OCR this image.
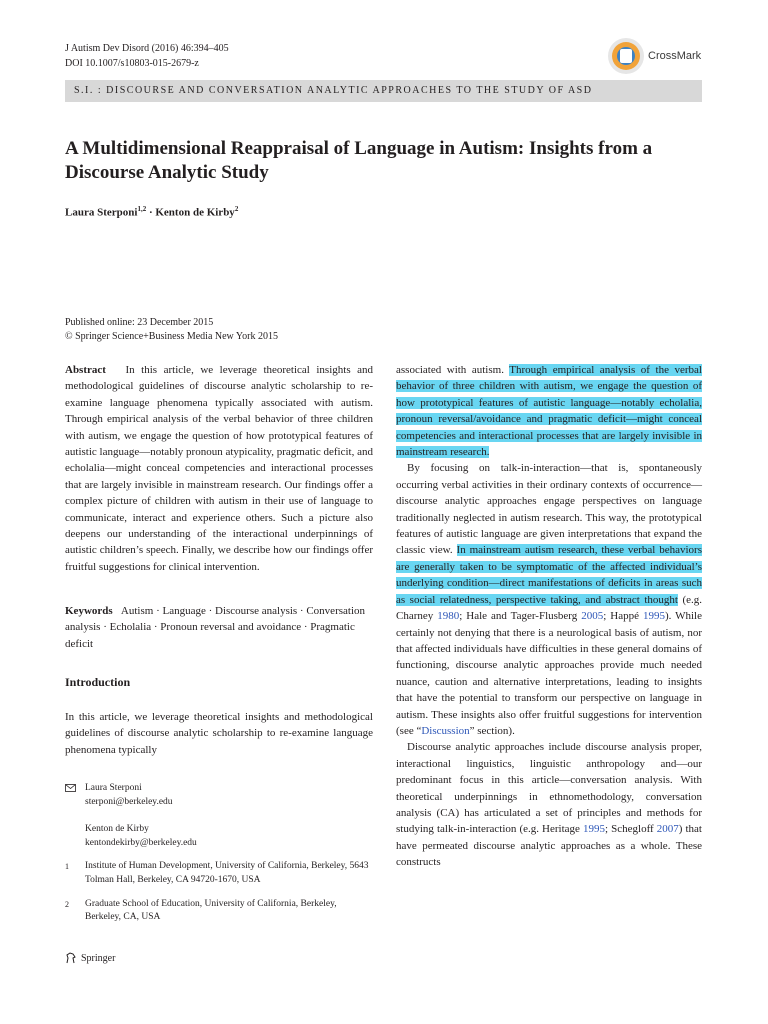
J Autism Dev Disord (2016) 46:394–405
DOI 10.1007/s10803-015-2679-z
CrossMark
S.I. : DISCOURSE AND CONVERSATION ANALYTIC APPROACHES TO THE STUDY OF ASD
A Multidimensional Reappraisal of Language in Autism: Insights from a Discourse Analytic Study
Laura Sterponi$^{1,2}$ · Kenton de Kirby$^2$
Published online: 23 December 2015
© Springer Science+Business Media New York 2015

Abstract In this article, we leverage theoretical insights and methodological guidelines of discourse analytic scholarship to re-examine language phenomena typically associated with autism. Through empirical analysis of the verbal behavior of three children with autism, we engage the question of how prototypical features of autistic language—notably pronoun atypicality, pragmatic deficit, and echolalia—might conceal competencies and interactional processes that are largely invisible in mainstream research. Our findings offer a complex picture of children with autism in their use of language to communicate, interact and experience others. Such a picture also deepens our understanding of the interactional underpinnings of autistic children’s speech. Finally, we describe how our findings offer fruitful suggestions for clinical intervention.

Keywords Autism · Language · Discourse analysis · Conversation analysis · Echolalia · Pronoun reversal and avoidance · Pragmatic deficit

Introduction
In this article, we leverage theoretical insights and methodological guidelines of discourse analytic scholarship to re-examine language phenomena typically
Laura Sterponi
sterponi@berkeley.edu
Kenton de Kirby
kentondekirby@berkeley.edu
1	Institute of Human Development, University of California, Berkeley, 5643 Tolman Hall, Berkeley, CA 94720-1670, USA
2	Graduate School of Education, University of California, Berkeley, Berkeley, CA, USA
Springer

associated with autism. Through empirical analysis of the verbal behavior of three children with autism, we engage the question of how prototypical features of autistic language—notably echolalia, pronoun reversal/avoidance and pragmatic deficit—might conceal competencies and interactional processes that are largely invisible in mainstream research.

By focusing on talk-in-interaction—that is, spontaneously occurring verbal activities in their ordinary contexts of occurrence—discourse analytic approaches engage perspectives on language traditionally neglected in autism research. This way, the prototypical features of autistic language are given interpretations that expand the classic view. In mainstream autism research, these verbal behaviors are generally taken to be symptomatic of the affected individual’s underlying condition—direct manifestations of deficits in areas such as social relatedness, perspective taking, and abstract thought (e.g. Charney 1980; Hale and Tager-Flusberg 2005; Happé 1995). While certainly not denying that there is a neurological basis of autism, nor that affected individuals have difficulties in these general domains of functioning, discourse analytic approaches provide much needed nuance, caution and alternative interpretations, leading to insights that have the potential to transform our perspective on language in autism. These insights also offer fruitful suggestions for intervention (see “Discussion” section).

Discourse analytic approaches include discourse analysis proper, interactional linguistics, linguistic anthropology and—our predominant focus in this article—conversation analysis. With theoretical underpinnings in ethnomethodology, conversation analysis (CA) has articulated a set of principles and methods for studying talk-in-interaction (e.g. Heritage 1995; Schegloff 2007) that have permeated discourse analytic approaches as a whole. These constructs
